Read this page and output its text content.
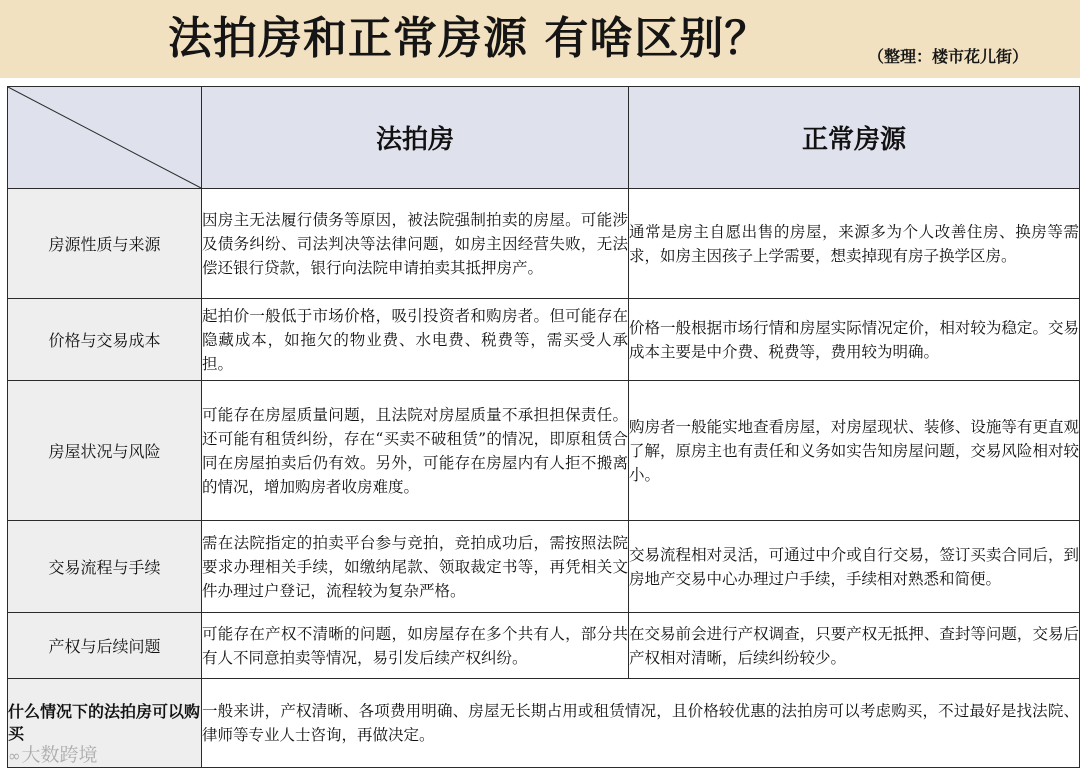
法拍房和正常房源 有啥区别？	（整理：楼市花儿街）
	法拍房	正常房源
房源性质与来源	因房主无法履行债务等原因，被法院强制拍卖的房屋。可能涉及债务纠纷、司法判决等法律问题，如房主因经营失败，无法偿还银行贷款，银行向法院申请拍卖其抵押房产。	通常是房主自愿出售的房屋，来源多为个人改善住房、换房等需求，如房主因孩子上学需要，想卖掉现有房子换学区房。
价格与交易成本	起拍价一般低于市场价格，吸引投资者和购房者。但可能存在隐藏成本，如拖欠的物业费、水电费、税费等，需买受人承担。	价格一般根据市场行情和房屋实际情况定价，相对较为稳定。交易成本主要是中介费、税费等，费用较为明确。
房屋状况与风险	可能存在房屋质量问题，且法院对房屋质量不承担担保责任。还可能有租赁纠纷，存在“买卖不破租赁”的情况，即原租赁合同在房屋拍卖后仍有效。另外，可能存在房屋内有人拒不搬离的情况，增加购房者收房难度。	购房者一般能实地查看房屋，对房屋现状、装修、设施等有更直观了解，原房主也有责任和义务如实告知房屋问题，交易风险相对较小。
交易流程与手续	需在法院指定的拍卖平台参与竞拍，竞拍成功后，需按照法院要求办理相关手续，如缴纳尾款、领取裁定书等，再凭相关文件办理过户登记，流程较为复杂严格。	交易流程相对灵活，可通过中介或自行交易，签订买卖合同后，到房地产交易中心办理过户手续，手续相对熟悉和简便。
产权与后续问题	可能存在产权不清晰的问题，如房屋存在多个共有人，部分共有人不同意拍卖等情况，易引发后续产权纠纷。	在交易前会进行产权调查，只要产权无抵押、查封等问题，交易后产权相对清晰，后续纠纷较少。
什么情况下的法拍房可以购买	一般来讲，产权清晰、各项费用明确、房屋无长期占用或租赁情况，且价格较优惠的法拍房可以考虑购买，不过最好是找法院、律师等专业人士咨询，再做决定。	
∞ 大数跨境
